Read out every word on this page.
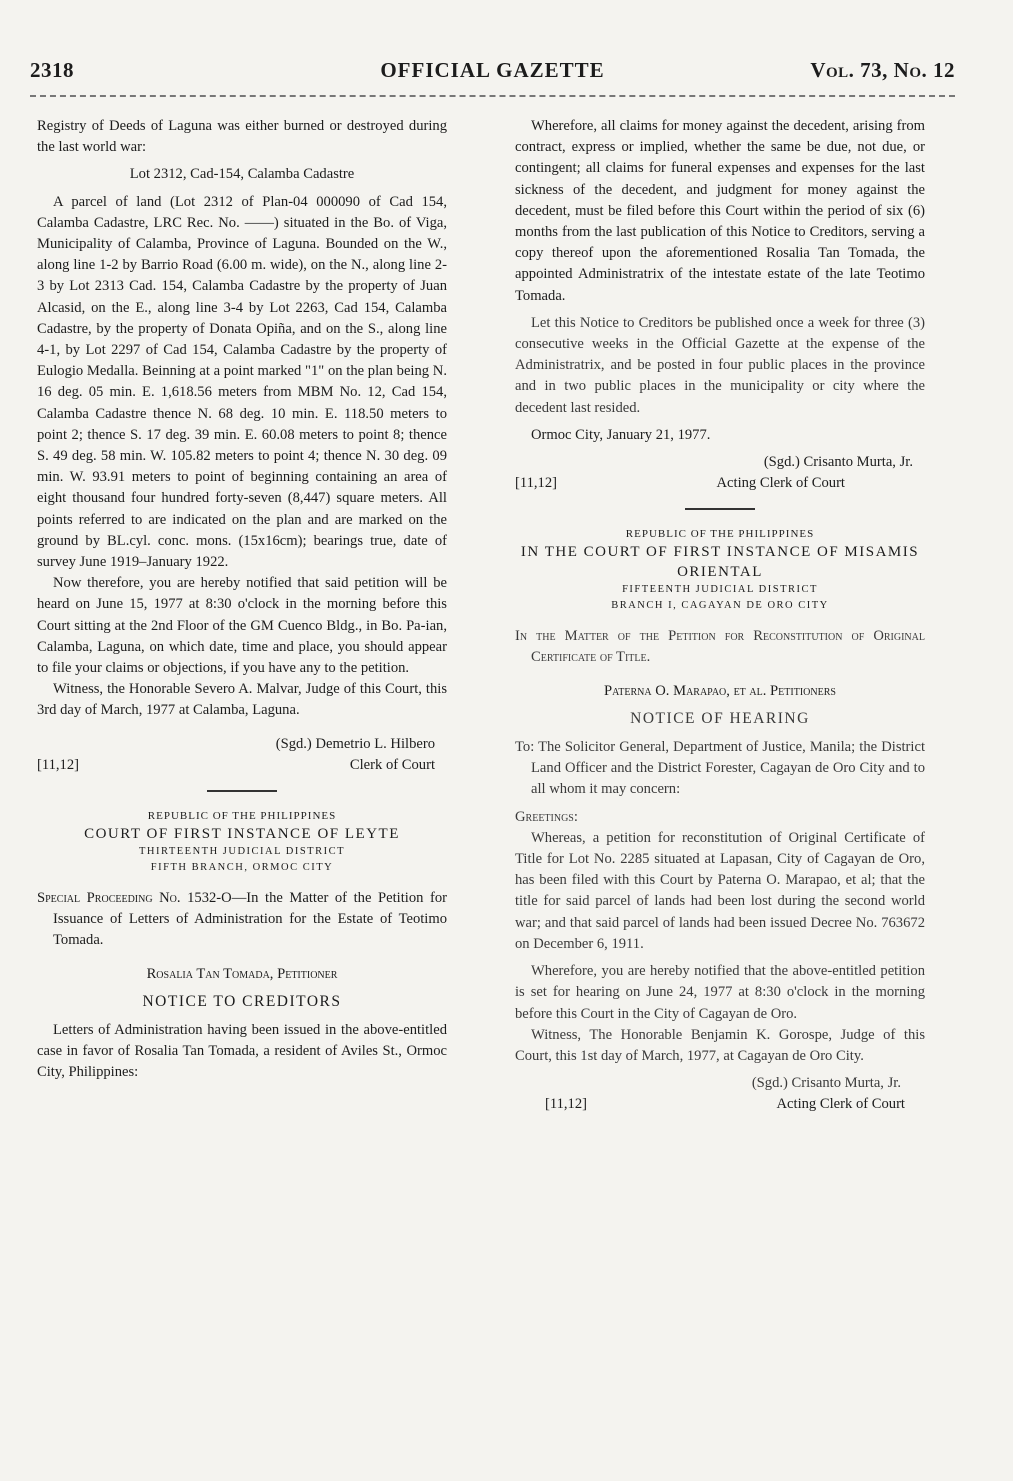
2318	OFFICIAL GAZETTE	Vol. 73, No. 12

Registry of Deeds of Laguna was either burned or destroyed during the last world war:

Lot 2312, Cad-154, Calamba Cadastre

A parcel of land (Lot 2312 of Plan-04 000090 of Cad 154, Calamba Cadastre, LRC Rec. No. ——) situated in the Bo. of Viga, Municipality of Calamba, Province of Laguna. Bounded on the W., along line 1-2 by Barrio Road (6.00 m. wide), on the N., along line 2-3 by Lot 2313 Cad. 154, Calamba Cadastre by the property of Juan Alcasid, on the E., along line 3-4 by Lot 2263, Cad 154, Calamba Cadastre, by the property of Donata Opiña, and on the S., along line 4-1, by Lot 2297 of Cad 154, Calamba Cadastre by the property of Eulogio Medalla. Beinning at a point marked "1" on the plan being N. 16 deg. 05 min. E. 1,618.56 meters from MBM No. 12, Cad 154, Calamba Cadastre thence N. 68 deg. 10 min. E. 118.50 meters to point 2; thence S. 17 deg. 39 min. E. 60.08 meters to point 8; thence S. 49 deg. 58 min. W. 105.82 meters to point 4; thence N. 30 deg. 09 min. W. 93.91 meters to point of beginning containing an area of eight thousand four hundred forty-seven (8,447) square meters. All points referred to are indicated on the plan and are marked on the ground by BL.cyl. conc. mons. (15x16cm); bearings true, date of survey June 1919–January 1922.

Now therefore, you are hereby notified that said petition will be heard on June 15, 1977 at 8:30 o'clock in the morning before this Court sitting at the 2nd Floor of the GM Cuenco Bldg., in Bo. Pa-ian, Calamba, Laguna, on which date, time and place, you should appear to file your claims or objections, if you have any to the petition.

Witness, the Honorable Severo A. Malvar, Judge of this Court, this 3rd day of March, 1977 at Calamba, Laguna.

(Sgd.) Demetrio L. Hilbero

[11,12]	Clerk of Court

REPUBLIC OF THE PHILIPPINES

COURT OF FIRST INSTANCE OF LEYTE

THIRTEENTH JUDICIAL DISTRICT

FIFTH BRANCH, ORMOC CITY

Special Proceeding No. 1532-O—In the Matter of the Petition for Issuance of Letters of Administration for the Estate of Teotimo Tomada.

Rosalia Tan Tomada, Petitioner

NOTICE TO CREDITORS

Letters of Administration having been issued in the above-entitled case in favor of Rosalia Tan Tomada, a resident of Aviles St., Ormoc City, Philippines:

Wherefore, all claims for money against the decedent, arising from contract, express or implied, whether the same be due, not due, or contingent; all claims for funeral expenses and expenses for the last sickness of the decedent, and judgment for money against the decedent, must be filed before this Court within the period of six (6) months from the last publication of this Notice to Creditors, serving a copy thereof upon the aforementioned Rosalia Tan Tomada, the appointed Administratrix of the intestate estate of the late Teotimo Tomada.

Let this Notice to Creditors be published once a week for three (3) consecutive weeks in the Official Gazette at the expense of the Administratrix, and be posted in four public places in the province and in two public places in the municipality or city where the decedent last resided.

Ormoc City, January 21, 1977.

(Sgd.) Crisanto Murta, Jr.

[11,12]	Acting Clerk of Court

REPUBLIC OF THE PHILIPPINES

IN THE COURT OF FIRST INSTANCE OF MISAMIS ORIENTAL

FIFTEENTH JUDICIAL DISTRICT

BRANCH I, CAGAYAN DE ORO CITY

In the Matter of the Petition for Reconstitution of Original Certificate of Title.

Paterna O. Marapao, et al. Petitioners

NOTICE OF HEARING

To: The Solicitor General, Department of Justice, Manila; the District Land Officer and the District Forester, Cagayan de Oro City and to all whom it may concern:

Greetings:

Whereas, a petition for reconstitution of Original Certificate of Title for Lot No. 2285 situated at Lapasan, City of Cagayan de Oro, has been filed with this Court by Paterna O. Marapao, et al; that the title for said parcel of lands had been lost during the second world war; and that said parcel of lands had been issued Decree No. 763672 on December 6, 1911.

Wherefore, you are hereby notified that the above-entitled petition is set for hearing on June 24, 1977 at 8:30 o'clock in the morning before this Court in the City of Cagayan de Oro.

Witness, The Honorable Benjamin K. Gorospe, Judge of this Court, this 1st day of March, 1977, at Cagayan de Oro City.

(Sgd.) Crisanto Murta, Jr.

[11,12]	Acting Clerk of Court
